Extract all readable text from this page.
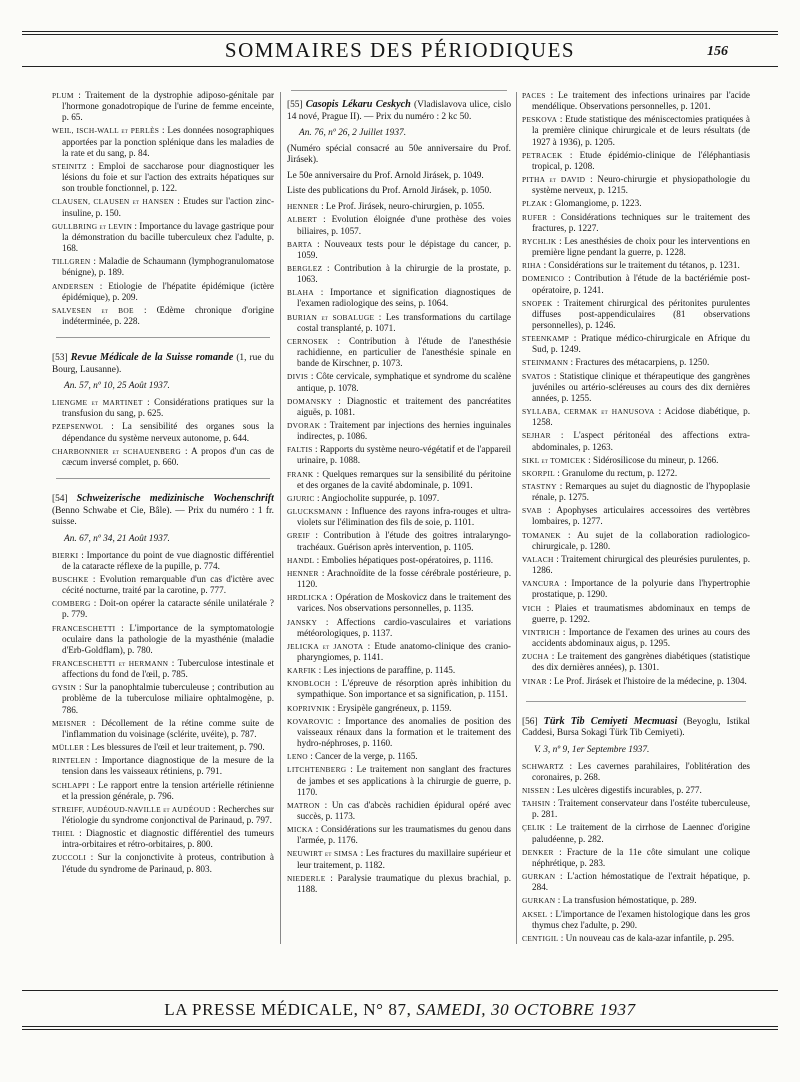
SOMMAIRES DES PÉRIODIQUES	156

PLUM : Traitement de la dystrophie adiposo-génitale par l'hormone gonadotropique de l'urine de femme enceinte, p. 65.

WEIL, ISCH-WALL et PERLÈS : Les données nosographiques apportées par la ponction splénique dans les maladies de la rate et du sang, p. 84.

STEINITZ : Emploi de saccharose pour diagnostiquer les lésions du foie et sur l'action des extraits hépatiques sur son trouble fonctionnel, p. 122.

CLAUSEN, CLAUSEN et HANSEN : Etudes sur l'action zinc-insuline, p. 150.

GULLBRING et LEVIN : Importance du lavage gastrique pour la démonstration du bacille tuberculeux chez l'adulte, p. 168.

TILLGREN : Maladie de Schaumann (lymphogranulomatose bénigne), p. 189.

ANDERSEN : Etiologie de l'hépatite épidémique (ictère épidémique), p. 209.

SALVESEN et BOE : Œdème chronique d'origine indéterminée, p. 228.

[53] Revue Médicale de la Suisse romande (1, rue du Bourg, Lausanne).

An. 57, nº 10, 25 Août 1937.

LIENGME et MARTINET : Considérations pratiques sur la transfusion du sang, p. 625.

PZEPSENWOL : La sensibilité des organes sous la dépendance du système nerveux autonome, p. 644.

CHARBONNIER et SCHAUENBERG : A propos d'un cas de cæcum inversé complet, p. 660.

[54] Schweizerische medizinische Wochenschrift (Benno Schwabe et Cie, Bâle). — Prix du numéro : 1 fr. suisse.

An. 67, nº 34, 21 Août 1937.

BIERKI : Importance du point de vue diagnostic différentiel de la cataracte réflexe de la pupille, p. 774.

BUSCHKE : Evolution remarquable d'un cas d'ictère avec cécité nocturne, traité par la carotine, p. 777.

COMBERG : Doit-on opérer la cataracte sénile unilatérale ? p. 779.

FRANCESCHETTI : L'importance de la symptomatologie oculaire dans la pathologie de la myasthénie (maladie d'Erb-Goldflam), p. 780.

FRANCESCHETTI et HERMANN : Tuberculose intestinale et affections du fond de l'œil, p. 785.

GYSIN : Sur la panophtalmie tuberculeuse ; contribution au problème de la tuberculose miliaire ophtalmogène, p. 786.

MEISNER : Décollement de la rétine comme suite de l'inflammation du voisinage (sclérite, uvéite), p. 787.

MÜLLER : Les blessures de l'œil et leur traitement, p. 790.

RINTELEN : Importance diagnostique de la mesure de la tension dans les vaisseaux rétiniens, p. 791.

SCHLAPPI : Le rapport entre la tension artérielle rétinienne et la pression générale, p. 796.

STREIFF, AUDÉOUD-NAVILLE et AUDÉOUD : Recherches sur l'étiologie du syndrome conjonctival de Parinaud, p. 797.

THIEL : Diagnostic et diagnostic différentiel des tumeurs intra-orbitaires et rétro-orbitaires, p. 800.

ZUCCOLI : Sur la conjonctivite à proteus, contribution à l'étude du syndrome de Parinaud, p. 803.

[55] Casopis Lékaru Ceskych (Vladislavova ulice, cislo 14 nové, Prague II). — Prix du numéro : 2 kc 50.

An. 76, nº 26, 2 Juillet 1937.

(Numéro spécial consacré au 50e anniversaire du Prof. Jirásek).

Le 50e anniversaire du Prof. Arnold Jirásek, p. 1049.

Liste des publications du Prof. Arnold Jirásek, p. 1050.

HENNER : Le Prof. Jirásek, neuro-chirurgien, p. 1055.

ALBERT : Evolution éloignée d'une prothèse des voies biliaires, p. 1057.

BARTA : Nouveaux tests pour le dépistage du cancer, p. 1059.

BERGLEZ : Contribution à la chirurgie de la prostate, p. 1063.

BLAHA : Importance et signification diagnostiques de l'examen radiologique des seins, p. 1064.

BURIAN et SOBALUGE : Les transformations du cartilage costal transplanté, p. 1071.

CERNOSEK : Contribution à l'étude de l'anesthésie rachidienne, en particulier de l'anesthésie spinale en bande de Kirschner, p. 1073.

DIVIS : Côte cervicale, symphatique et syndrome du scalène antique, p. 1078.

DOMANSKY : Diagnostic et traitement des pancréatites aiguës, p. 1081.

DVORAK : Traitement par injections des hernies inguinales indirectes, p. 1086.

FALTIS : Rapports du système neuro-végétatif et de l'appareil urinaire, p. 1088.

FRANK : Quelques remarques sur la sensibilité du péritoine et des organes de la cavité abdominale, p. 1091.

GJURIC : Angiocholite suppurée, p. 1097.

GLUCKSMANN : Influence des rayons infra-rouges et ultra-violets sur l'élimination des fils de soie, p. 1101.

GREIF : Contribution à l'étude des goitres intralaryngo-trachéaux. Guérison après intervention, p. 1105.

HANDL : Embolies hépatiques post-opératoires, p. 1116.

HENNER : Arachnoïdite de la fosse cérébrale postérieure, p. 1120.

HRDLICKA : Opération de Moskovicz dans le traitement des varices. Nos observations personnelles, p. 1135.

JANSKY : Affections cardio-vasculaires et variations météorologiques, p. 1137.

JELICKA et JANOTA : Etude anatomo-clinique des cranio-pharyngiomes, p. 1141.

KARFIK : Les injections de paraffine, p. 1145.

KNOBLOCH : L'épreuve de résorption après inhibition du sympathique. Son importance et sa signification, p. 1151.

KOPRIVNIK : Erysipèle gangréneux, p. 1159.

KOVAROVIC : Importance des anomalies de position des vaisseaux rénaux dans la formation et le traitement des hydro-néphroses, p. 1160.

LENO : Cancer de la verge, p. 1165.

LITCHTENBERG : Le traitement non sanglant des fractures de jambes et ses applications à la chirurgie de guerre, p. 1170.

MATRON : Un cas d'abcès rachidien épidural opéré avec succès, p. 1173.

MICKA : Considérations sur les traumatismes du genou dans l'armée, p. 1176.

NEUWIRT et SIMSA : Les fractures du maxillaire supérieur et leur traitement, p. 1182.

NIEDERLE : Paralysie traumatique du plexus brachial, p. 1188.

PACES : Le traitement des infections urinaires par l'acide mendélique. Observations personnelles, p. 1201.

PESKOVA : Etude statistique des méniscectomies pratiquées à la première clinique chirurgicale et de leurs résultats (de 1927 à 1936), p. 1205.

PETRACEK : Etude épidémio-clinique de l'éléphantiasis tropical, p. 1208.

PITHA et DAVID : Neuro-chirurgie et physiopathologie du système nerveux, p. 1215.

PLZAK : Glomangiome, p. 1223.

RUFER : Considérations techniques sur le traitement des fractures, p. 1227.

RYCHLIK : Les anesthésies de choix pour les interventions en première ligne pendant la guerre, p. 1228.

RIHA : Considérations sur le traitement du tétanos, p. 1231.

DOMENICO : Contribution à l'étude de la bactériémie post-opératoire, p. 1241.

SNOPEK : Traitement chirurgical des péritonites purulentes diffuses post-appendiculaires (81 observations personnelles), p. 1246.

STEENKAMP : Pratique médico-chirurgicale en Afrique du Sud, p. 1249.

STEINMANN : Fractures des métacarpiens, p. 1250.

SVATOS : Statistique clinique et thérapeutique des gangrènes juvéniles ou artério-scléreuses au cours des dix dernières années, p. 1255.

SYLLABA, CERMAK et HANUSOVA : Acidose diabétique, p. 1258.

SEJHAR : L'aspect péritonéal des affections extra-abdominales, p. 1263.

SIKL et TOMICEK : Sidérosilicose du mineur, p. 1266.

SKORPIL : Granulome du rectum, p. 1272.

STASTNY : Remarques au sujet du diagnostic de l'hypoplasie rénale, p. 1275.

SVAB : Apophyses articulaires accessoires des vertèbres lombaires, p. 1277.

TOMANEK : Au sujet de la collaboration radiologico-chirurgicale, p. 1280.

VALACH : Traitement chirurgical des pleurésies purulentes, p. 1286.

VANCURA : Importance de la polyurie dans l'hypertrophie prostatique, p. 1290.

VICH : Plaies et traumatismes abdominaux en temps de guerre, p. 1292.

VINTRICH : Importance de l'examen des urines au cours des accidents abdominaux aigus, p. 1295.

ZUCHA : Le traitement des gangrènes diabétiques (statistique des dix dernières années), p. 1301.

VINAR : Le Prof. Jirásek et l'histoire de la médecine, p. 1304.

[56] Türk Tib Cemiyeti Mecmuasi (Beyoglu, Istikal Caddesi, Bursa Sokagi Türk Tib Cemiyeti).

V. 3, nº 9, 1er Septembre 1937.

SCHWARTZ : Les cavernes parahilaires, l'oblitération des coronaires, p. 268.

NISSEN : Les ulcères digestifs incurables, p. 277.

TAHSIN : Traitement conservateur dans l'ostéite tuberculeuse, p. 281.

ÇELIK : Le traitement de la cirrhose de Laennec d'origine paludéenne, p. 282.

DENKER : Fracture de la 11e côte simulant une colique néphrétique, p. 283.

GURKAN : L'action hémostatique de l'extrait hépatique, p. 284.

GURKAN : La transfusion hémostatique, p. 289.

AKSEL : L'importance de l'examen histologique dans les gros thymus chez l'adulte, p. 290.

CENTIGIL : Un nouveau cas de kala-azar infantile, p. 295.

LA PRESSE MÉDICALE, N° 87, SAMEDI, 30 OCTOBRE 1937
